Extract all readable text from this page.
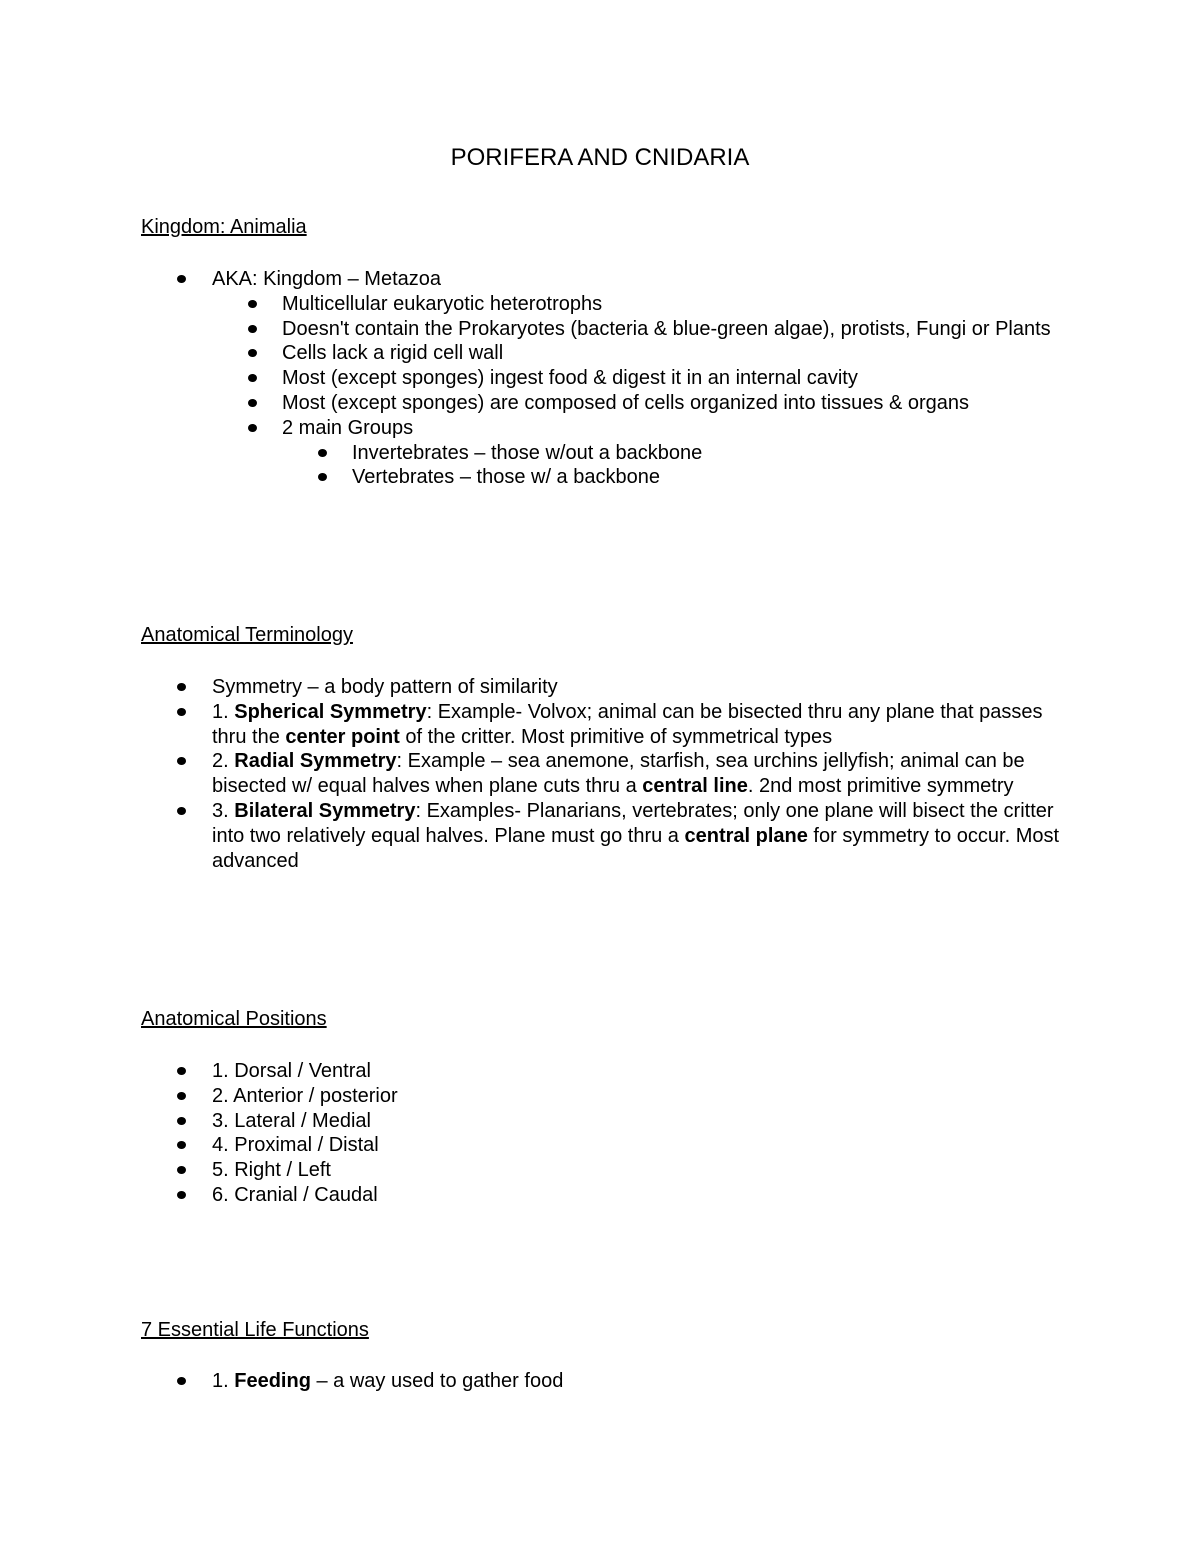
PORIFERA AND CNIDARIA
Kingdom: Animalia
AKA: Kingdom – Metazoa
Multicellular eukaryotic heterotrophs
Doesn't contain the Prokaryotes (bacteria & blue-green algae), protists, Fungi or Plants
Cells lack a rigid cell wall
Most (except sponges) ingest food & digest it in an internal cavity
Most (except sponges) are composed of cells organized into tissues & organs
2 main Groups
Invertebrates – those w/out a backbone
Vertebrates – those w/ a backbone
Anatomical Terminology
Symmetry – a body pattern of similarity
1. Spherical Symmetry: Example- Volvox; animal can be bisected thru any plane that passes thru the center point of the critter. Most primitive of symmetrical types
2. Radial Symmetry: Example – sea anemone, starfish, sea urchins jellyfish; animal can be bisected w/ equal halves when plane cuts thru a central line. 2nd most primitive symmetry
3. Bilateral Symmetry: Examples- Planarians, vertebrates; only one plane will bisect the critter into two relatively equal halves. Plane must go thru a central plane for symmetry to occur. Most advanced
Anatomical Positions
1. Dorsal / Ventral
2. Anterior / posterior
3. Lateral / Medial
4. Proximal / Distal
5. Right / Left
6. Cranial / Caudal
7 Essential Life Functions
1. Feeding – a way used to gather food
